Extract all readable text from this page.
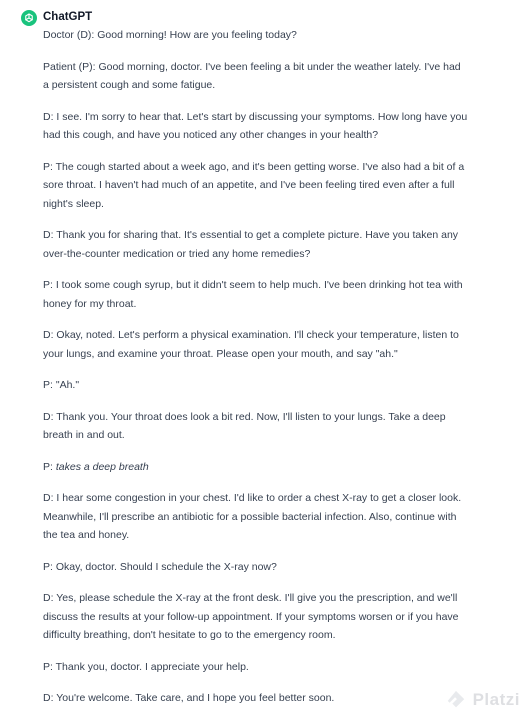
ChatGPT

Doctor (D): Good morning! How are you feeling today?

Patient (P): Good morning, doctor. I've been feeling a bit under the weather lately. I've had a persistent cough and some fatigue.

D: I see. I'm sorry to hear that. Let's start by discussing your symptoms. How long have you had this cough, and have you noticed any other changes in your health?

P: The cough started about a week ago, and it's been getting worse. I've also had a bit of a sore throat. I haven't had much of an appetite, and I've been feeling tired even after a full night's sleep.

D: Thank you for sharing that. It's essential to get a complete picture. Have you taken any over-the-counter medication or tried any home remedies?

P: I took some cough syrup, but it didn't seem to help much. I've been drinking hot tea with honey for my throat.

D: Okay, noted. Let's perform a physical examination. I'll check your temperature, listen to your lungs, and examine your throat. Please open your mouth, and say "ah."

P: "Ah."

D: Thank you. Your throat does look a bit red. Now, I'll listen to your lungs. Take a deep breath in and out.

P: takes a deep breath

D: I hear some congestion in your chest. I'd like to order a chest X-ray to get a closer look. Meanwhile, I'll prescribe an antibiotic for a possible bacterial infection. Also, continue with the tea and honey.

P: Okay, doctor. Should I schedule the X-ray now?

D: Yes, please schedule the X-ray at the front desk. I'll give you the prescription, and we'll discuss the results at your follow-up appointment. If your symptoms worsen or if you have difficulty breathing, don't hesitate to go to the emergency room.

P: Thank you, doctor. I appreciate your help.

D: You're welcome. Take care, and I hope you feel better soon.	Platzi
